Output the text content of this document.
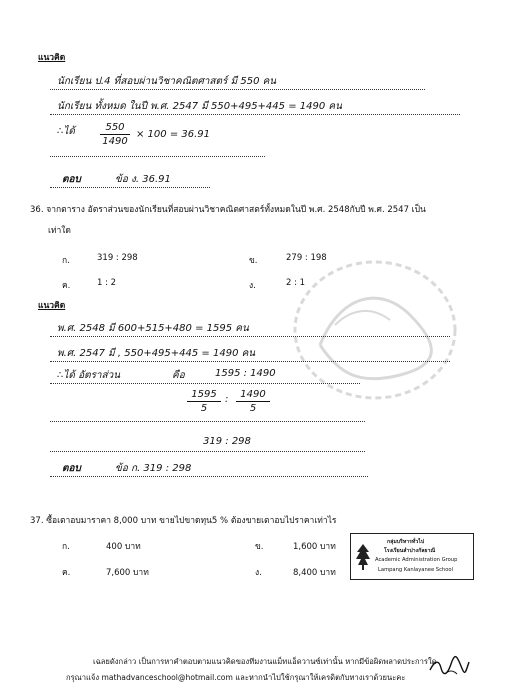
แนวคิด
นักเรียน ป.4 ที่สอบผ่านวิชาคณิตศาสตร์ มี 550 คน
นักเรียน ทั้งหมด ในปี พ.ศ. 2547 มี 550+495+445 = 1490 คน
∴ได้	550
1490
× 100 = 36.91
ตอบ	ข้อ ง. 36.91
36. จากตาราง อัตราส่วนของนักเรียนที่สอบผ่านวิชาคณิตศาสตร์ทั้งหมดในปี พ.ศ. 2548กับปี พ.ศ. 2547 เป็น
เท่าใด
ก.	319 : 298	ข.	279 : 198
ค.	1 : 2	ง.	2 : 1
แนวคิด
พ.ศ. 2548 มี 600+515+480 = 1595 คน
พ.ศ. 2547 มี , 550+495+445 = 1490 คน
∴ได้ อัตราส่วน	คือ	1595 : 1490
1595
5
:	1490
5
319 : 298
ตอบ	ข้อ ก. 319 : 298
37. ซื้อเตาอบมาราคา 8,000 บาท ขายไปขาดทุน5 % ต้องขายเตาอบไปราคาเท่าไร
ก.	400 บาท	ข.	1,600 บาท
ค.	7,600 บาท	ง.	8,400 บาท
กลุ่มบริหารทั่วไป
โรงเรียนลำปางกัลยาณี
Academic Administration Group
Lampang Kanlayanee School
เฉลยดังกล่าว เป็นการหาคำตอบตามแนวคิดของทีมงานแม็ทแอ็ดวานซ์เท่านั้น หากมีข้อผิดพลาดประการใด
กรุณาแจ้ง mathadvanceschool@hotmail.com และหากนำไปใช้กรุณาให้เครดิตกับทางเราด้วยนะคะ
